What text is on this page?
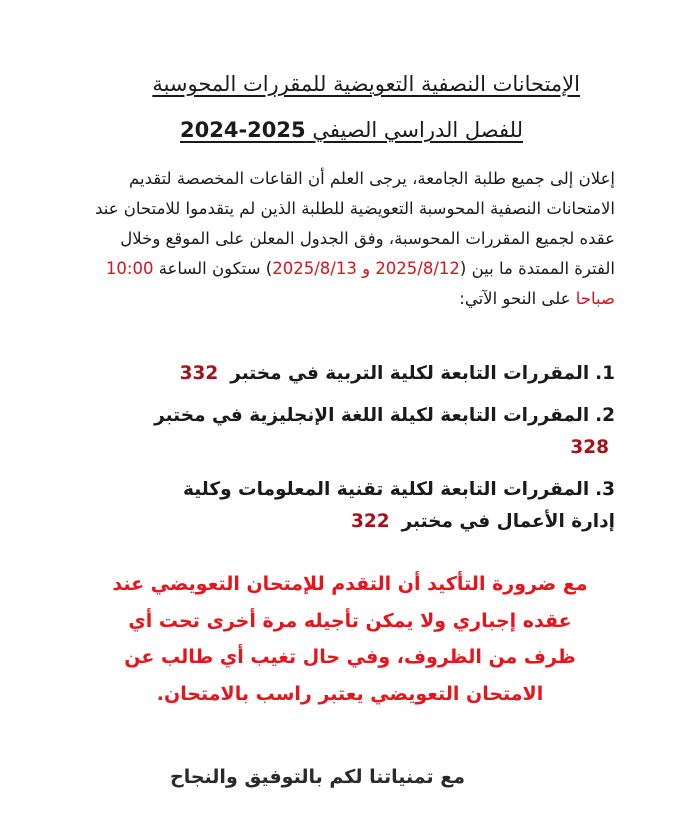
الإمتحانات النصفية التعويضية للمقررات المحوسبة
للفصل الدراسي الصيفي 2024-2025
إعلان إلى جميع طلبة الجامعة، يرجى العلم أن القاعات المخصصة لتقديم الامتحانات النصفية المحوسبة التعويضية للطلبة الذين لم يتقدموا للامتحان عند عقده لجميع المقررات المحوسبة، وفق الجدول المعلن على الموقع وخلال الفترة الممتدة ما بين (2025/8/12 و 2025/8/13) ستكون الساعة 10:00 صباحا على النحو الآتي:
1. المقررات التابعة لكلية التربية في مختبر 332
2. المقررات التابعة لكيلة اللغة الإنجليزية في مختبر 328
3. المقررات التابعة لكلية تقنية المعلومات وكلية إدارة الأعمال في مختبر 322
مع ضرورة التأكيد أن التقدم للإمتحان التعويضي عند
عقده إجباري ولا يمكن تأجيله مرة أخرى تحت أي
ظرف من الظروف، وفي حال تغيب أي طالب عن
الامتحان التعويضي يعتبر راسب بالامتحان.
مع تمنياتنا لكم بالتوفيق والنجاح
